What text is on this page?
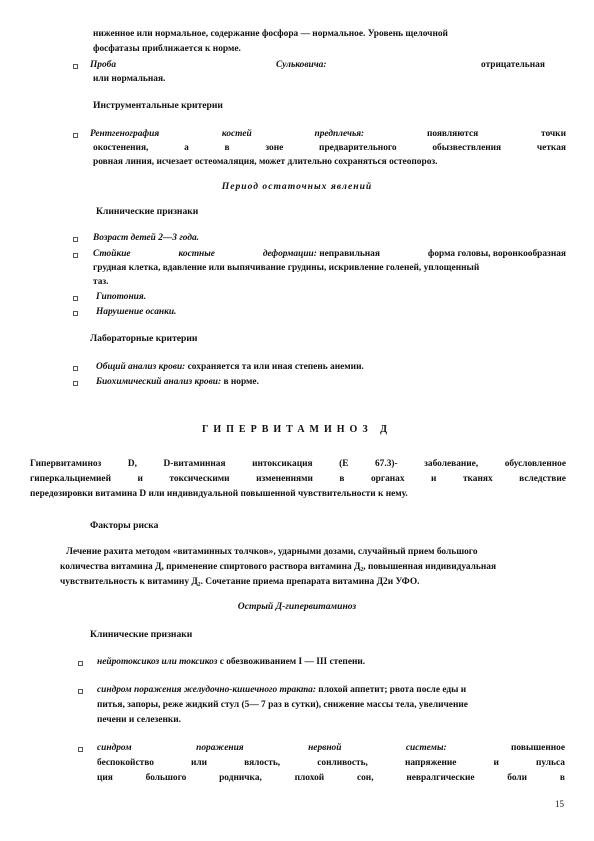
ниженное или нормальное, содержание фосфора — нормальное. Уровень щелочной
фосфатазы приближается к норме.
Проба	Сульковича:	отрицательная
или нормальная.
Инструментальные критерии
Рентгенография	костей	предплечья:	появляются	точки
окостенения,	а	в	зоне	предварительного	обызвествления	четкая
ровная линия, исчезает остеомаляция, может длительно сохраняться остеопороз.
Период остаточных явлений
Клинические признаки
Возраст детей 2—3 года.
Стойкие	костные	деформации: неправильная	форма головы, воронкообразная
грудная клетка, вдавление или выпячивание грудины, искривление голеней, уплощенный
таз.
Гипотония.
Нарушение осанки.
Лабораторные критерии
Общий анализ крови: сохраняется та или иная степень анемии.
Биохимический анализ крови: в норме.
ГИПЕРВИТАМИНОЗ Д
Гипервитаминоз	D,	D-витаминная	интоксикация	(E	67.3)-	заболевание,	обусловленное
гиперкальциемией	и	токсическими	изменениями	в	органах	и	тканях	вследствие
передозировки витамина D или индивидуальной повышенной чувствительности к нему.
Факторы риска
Лечение рахита методом «витаминных толчков», ударными дозами, случайный прием большого
количества витамина Д, применение спиртового раствора витамина Д₂, повышенная индивидуальная
чувствительность к витамину Д₂. Сочетание приема препарата витамина Д2и УФО.
Острый Д-гипервитаминоз
Клинические признаки
нейротоксикоз или токсикоз с обезвоживанием I — III степени.
синдром поражения желудочно-кишечного тракта: плохой аппетит; рвота после еды и
питья, запоры, реже жидкий стул (5— 7 раз в сутки), снижение массы тела, увеличение
печени и селезенки.
синдром	поражения	нервной	системы:	повышенное
беспокойство	или	вялость,	сонливость,	напряжение	и	пульса
ция	большого	родничка,	плохой	сон,	невралгические	боли	в
15
